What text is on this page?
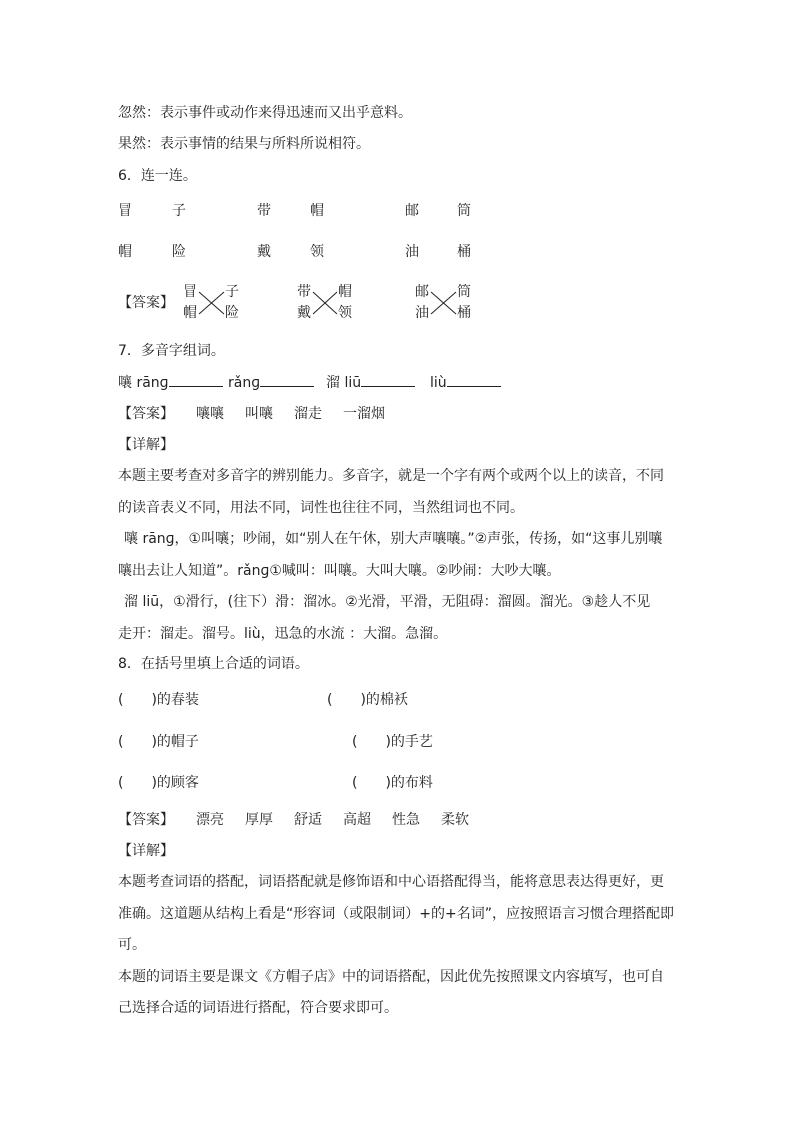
忽然：表示事件或动作来得迅速而又出乎意料。
果然：表示事情的结果与所料所说相符。
6．连一连。
冒	子	带	帽	邮	筒
帽	险	戴	领	油	桶
【答案】
冒 子
帽 险
带 帽
戴 领
邮 筒
油 桶
7．多音字组词。
嚷 rānɡ	rǎnɡ	溜 liū	liù
【答案】 嚷嚷 叫嚷 溜走 一溜烟
【详解】
本题主要考查对多音字的辨别能力。多音字，就是一个字有两个或两个以上的读音，不同
的读音表义不同，用法不同，词性也往往不同，当然组词也不同。
嚷 rānɡ，①叫嚷；吵闹，如“别人在午休，别大声嚷嚷。”②声张，传扬，如“这事儿别嚷
嚷出去让人知道”。rǎnɡ①喊叫：叫嚷。大叫大嚷。②吵闹：大吵大嚷。
溜 liū，①滑行，(往下）滑：溜冰。②光滑，平滑，无阻碍：溜圆。溜光。③趁人不见
走开：溜走。溜号。liù，迅急的水流 ：大溜。急溜。
8．在括号里填上合适的词语。
(　　)的春装	(　　)的棉袄
(　　)的帽子	(　　)的手艺
(　　)的顾客	(　　)的布料
【答案】 漂亮 厚厚 舒适 高超 性急 柔软
【详解】
本题考查词语的搭配，词语搭配就是修饰语和中心语搭配得当，能将意思表达得更好，更
准确。这道题从结构上看是“形容词（或限制词）+的+名词”，应按照语言习惯合理搭配即
可。
本题的词语主要是课文《方帽子店》中的词语搭配，因此优先按照课文内容填写，也可自
己选择合适的词语进行搭配，符合要求即可。
